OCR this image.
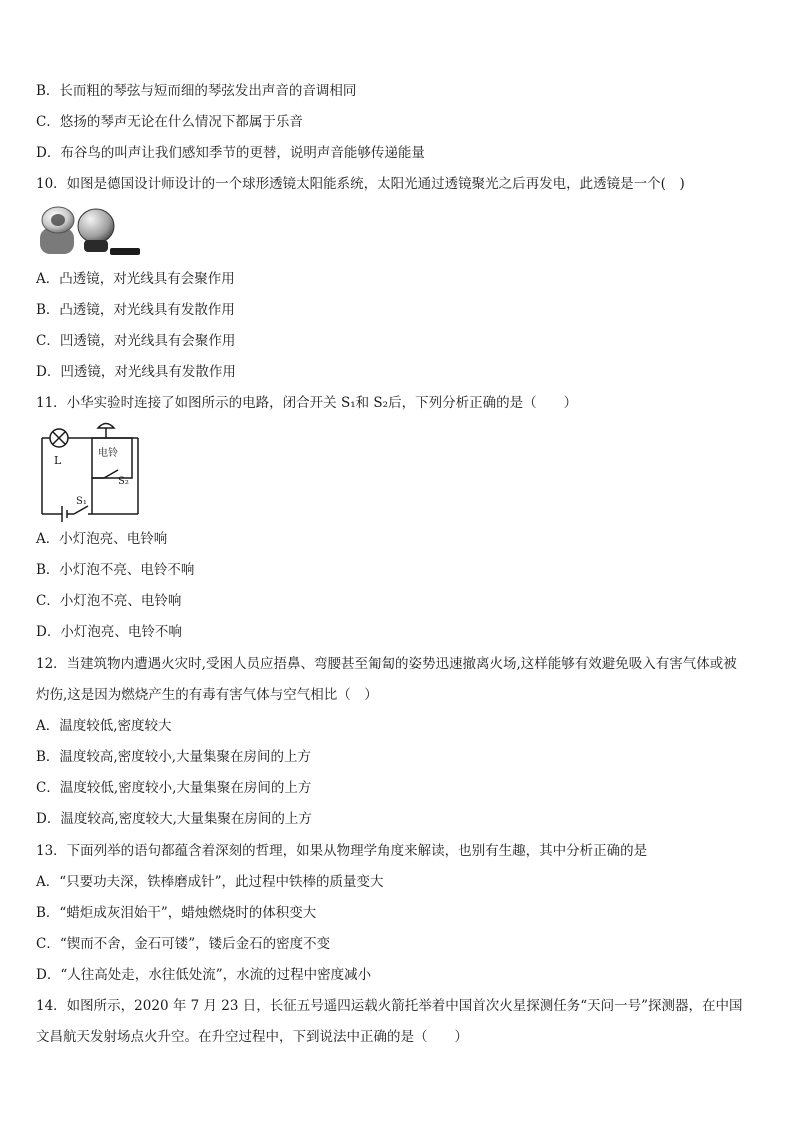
B．长而粗的琴弦与短而细的琴弦发出声音的音调相同
C．悠扬的琴声无论在什么情况下都属于乐音
D．布谷鸟的叫声让我们感知季节的更替，说明声音能够传递能量
10．如图是德国设计师设计的一个球形透镜太阳能系统，太阳光通过透镜聚光之后再发电，此透镜是一个(　)
A．凸透镜，对光线具有会聚作用
B．凸透镜，对光线具有发散作用
C．凹透镜，对光线具有会聚作用
D．凹透镜，对光线具有发散作用
11．小华实验时连接了如图所示的电路，闭合开关 S₁和 S₂后，下列分析正确的是（　　）
L
电铃
S₂
S₁
A．小灯泡亮、电铃响
B．小灯泡不亮、电铃不响
C．小灯泡不亮、电铃响
D．小灯泡亮、电铃不响
12．当建筑物内遭遇火灾时,受困人员应捂鼻、弯腰甚至匍匐的姿势迅速撤离火场,这样能够有效避免吸入有害气体或被
灼伤,这是因为燃烧产生的有毒有害气体与空气相比（　）
A．温度较低,密度较大
B．温度较高,密度较小,大量集聚在房间的上方
C．温度较低,密度较小,大量集聚在房间的上方
D．温度较高,密度较大,大量集聚在房间的上方
13．下面列举的语句都蕴含着深刻的哲理，如果从物理学角度来解读，也别有生趣，其中分析正确的是
A．“只要功夫深，铁棒磨成针”，此过程中铁棒的质量变大
B．“蜡炬成灰泪始干”，蜡烛燃烧时的体积变大
C．“锲而不舍，金石可镂”，镂后金石的密度不变
D．“人往高处走，水往低处流”，水流的过程中密度减小
14．如图所示，2020 年 7 月 23 日，长征五号遥四运载火箭托举着中国首次火星探测任务“天问一号”探测器，在中国
文昌航天发射场点火升空。在升空过程中，下到说法中正确的是（　　）
